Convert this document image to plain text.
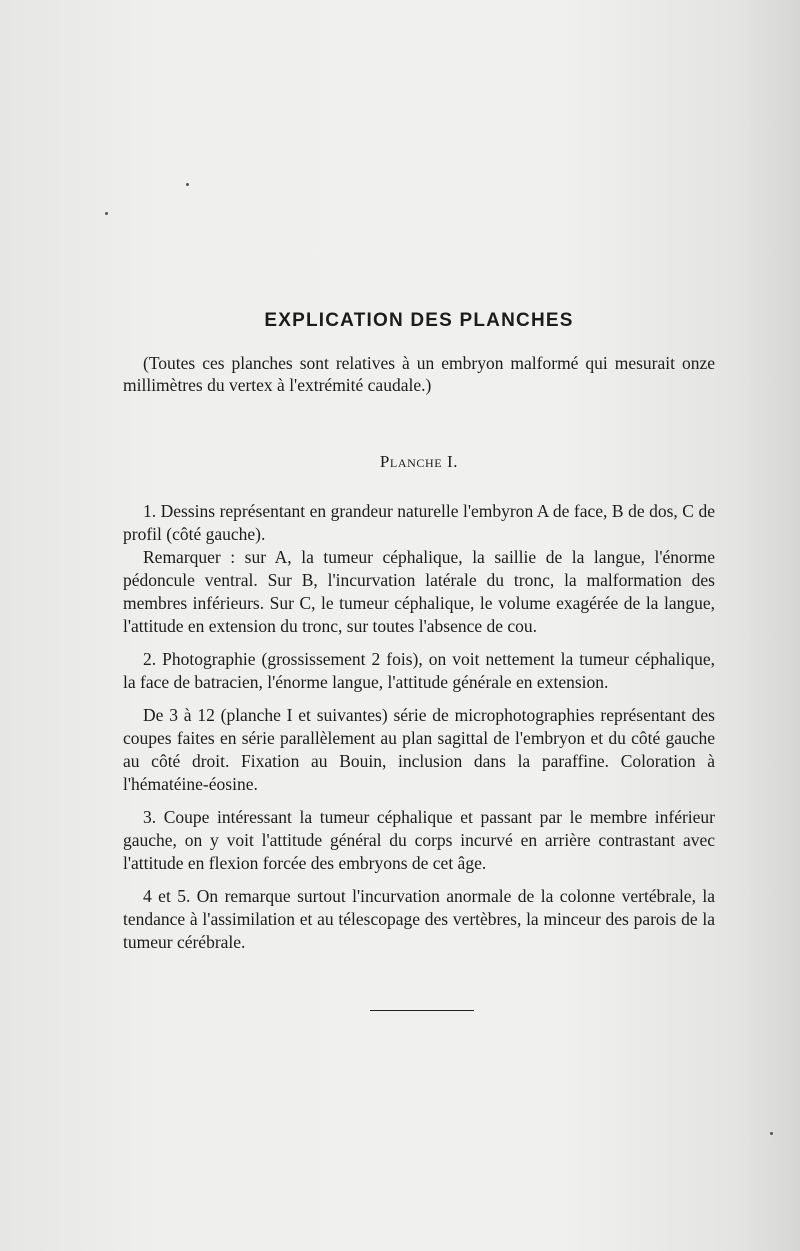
EXPLICATION DES PLANCHES

(Toutes ces planches sont relatives à un embryon malformé qui mesurait onze millimètres du vertex à l'extrémité caudale.)

Planche I.

1. Dessins représentant en grandeur naturelle l'embyron A de face, B de dos, C de profil (côté gauche).

Remarquer : sur A, la tumeur céphalique, la saillie de la langue, l'énorme pédoncule ventral. Sur B, l'incurvation latérale du tronc, la malformation des membres inférieurs. Sur C, le tumeur céphalique, le volume exagérée de la langue, l'attitude en extension du tronc, sur toutes l'absence de cou.

2. Photographie (grossissement 2 fois), on voit nettement la tumeur céphalique, la face de batracien, l'énorme langue, l'attitude générale en extension.

De 3 à 12 (planche I et suivantes) série de microphotographies représentant des coupes faites en série parallèlement au plan sagittal de l'embryon et du côté gauche au côté droit. Fixation au Bouin, inclusion dans la paraffine. Coloration à l'hématéine-éosine.

3. Coupe intéressant la tumeur céphalique et passant par le membre inférieur gauche, on y voit l'attitude général du corps incurvé en arrière contrastant avec l'attitude en flexion forcée des embryons de cet âge.

4 et 5. On remarque surtout l'incurvation anormale de la colonne vertébrale, la tendance à l'assimilation et au télescopage des vertèbres, la minceur des parois de la tumeur cérébrale.
